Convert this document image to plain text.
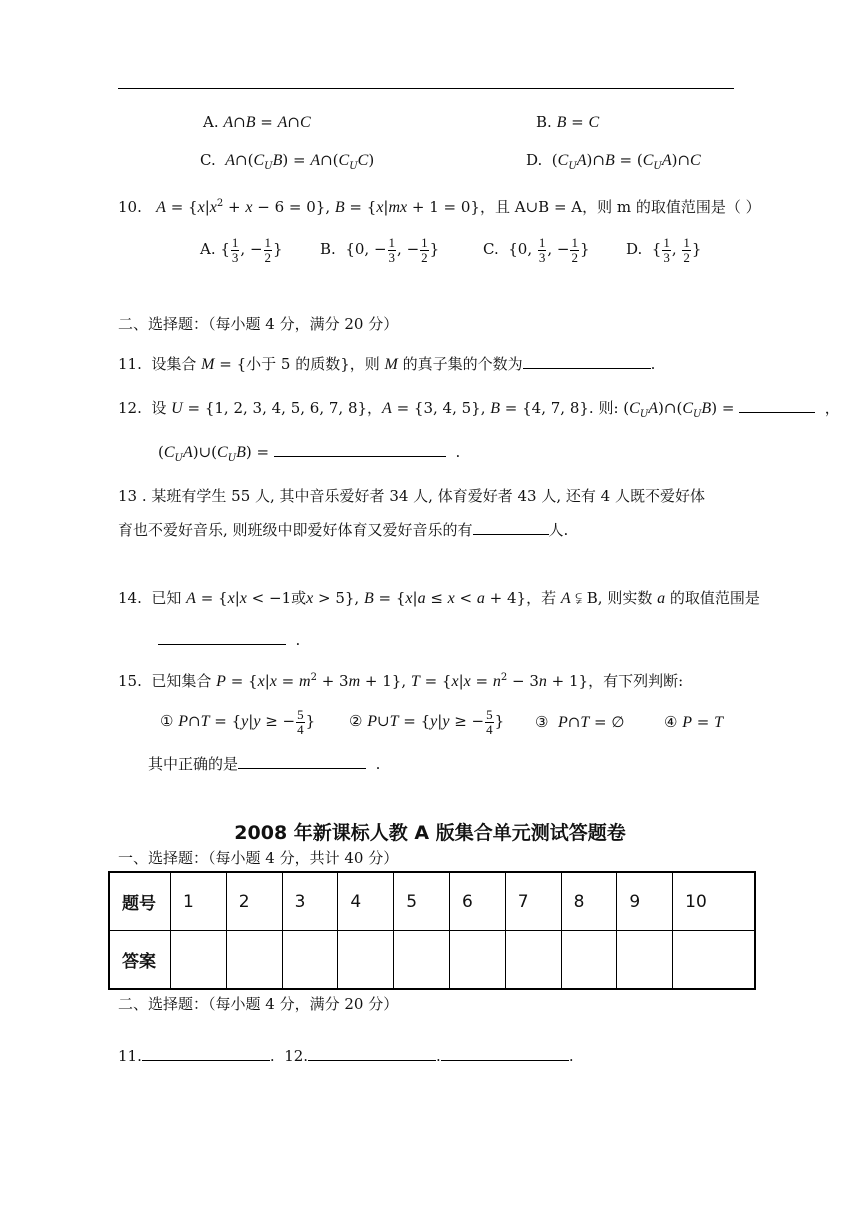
A. A∩B = A∩C	B. B = C
C. $A\cap(C_UB)$ = $A\cap(C_UC)$	D.  $(C_UA)\cap B$ = $(C_UA)\cap C$
10. $A = \{x|x^2 + x - 6 = 0\}$, B = {x|mx + 1 = 0}，且 A∪B = A，则 m 的取值范围是（ ）
A. { $\frac{1}{3}$ , − $\frac{1}{2}$ } B.  {0, − $\frac{1}{3}$ , − $\frac{1}{2}$ }	C.  {0, $\frac{1}{3}$ , − $\frac{1}{2}$ } D.  { $\frac{1}{3}$ , $\frac{1}{2}$ }
二、选择题：（每小题 4 分，满分 20 分）
11.  设集合 M = {小于 5 的质数}，则 M 的真子集的个数为	.
12.  设 U = {1, 2, 3, 4, 5, 6, 7, 8}，A = {3, 4, 5}, B = {4, 7, 8}. 则: $(C_UA)\cap(C_UB)$ =	，
$(C_UA)\cup(C_UB)$ =	.
13 . 某班有学生 55 人, 其中音乐爱好者 34 人, 体育爱好者 43 人, 还有 4 人既不爱好体
育也不爱好音乐, 则班级中即爱好体育又爱好音乐的有	人.
14.  已知 A = {x|x < −1或x > 5}, B = {x|a ≤ x < a + 4}，若 A ⫋ B, 则实数 a 的取值范围是
.
15.  已知集合 $P = \{x|x = m^2 + 3m + 1\}$, $T = \{x|x = n^2 - 3n + 1\}$，有下列判断:
① P∩T = {y|y ≥ − $\frac{5}{4}$ } ② P∪T = {y|y ≥ − $\frac{5}{4}$ } ③  P∩T = ∅	④ P = T
其中正确的是	.
2008 年新课标人教 A 版集合单元测试答题卷
一、选择题：（每小题 4 分，共计 40 分）
题号	1	2	3	4	5	6	7	8	9	10
答案										
二、选择题：（每小题 4 分，满分 20 分）
11.	. 12.	.	.
